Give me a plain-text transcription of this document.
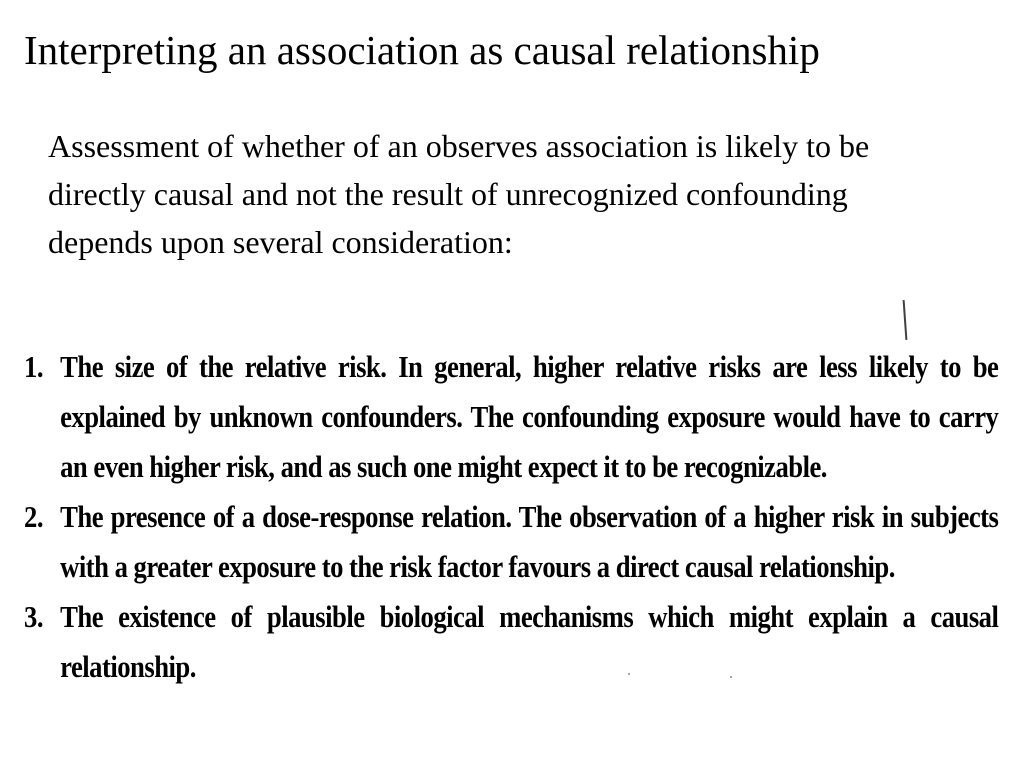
Interpreting an association as causal relationship

Assessment of whether of an observes association is likely to be directly causal and not the result of unrecognized confounding depends upon several consideration:

1. The size of the relative risk. In general, higher relative risks are less likely to be explained by unknown confounders. The confounding exposure would have to carry an even higher risk, and as such one might expect it to be recognizable.
2. The presence of a dose-response relation. The observation of a higher risk in subjects with a greater exposure to the risk factor favours a direct causal relationship.
3. The existence of plausible biological mechanisms which might explain a causal relationship.
